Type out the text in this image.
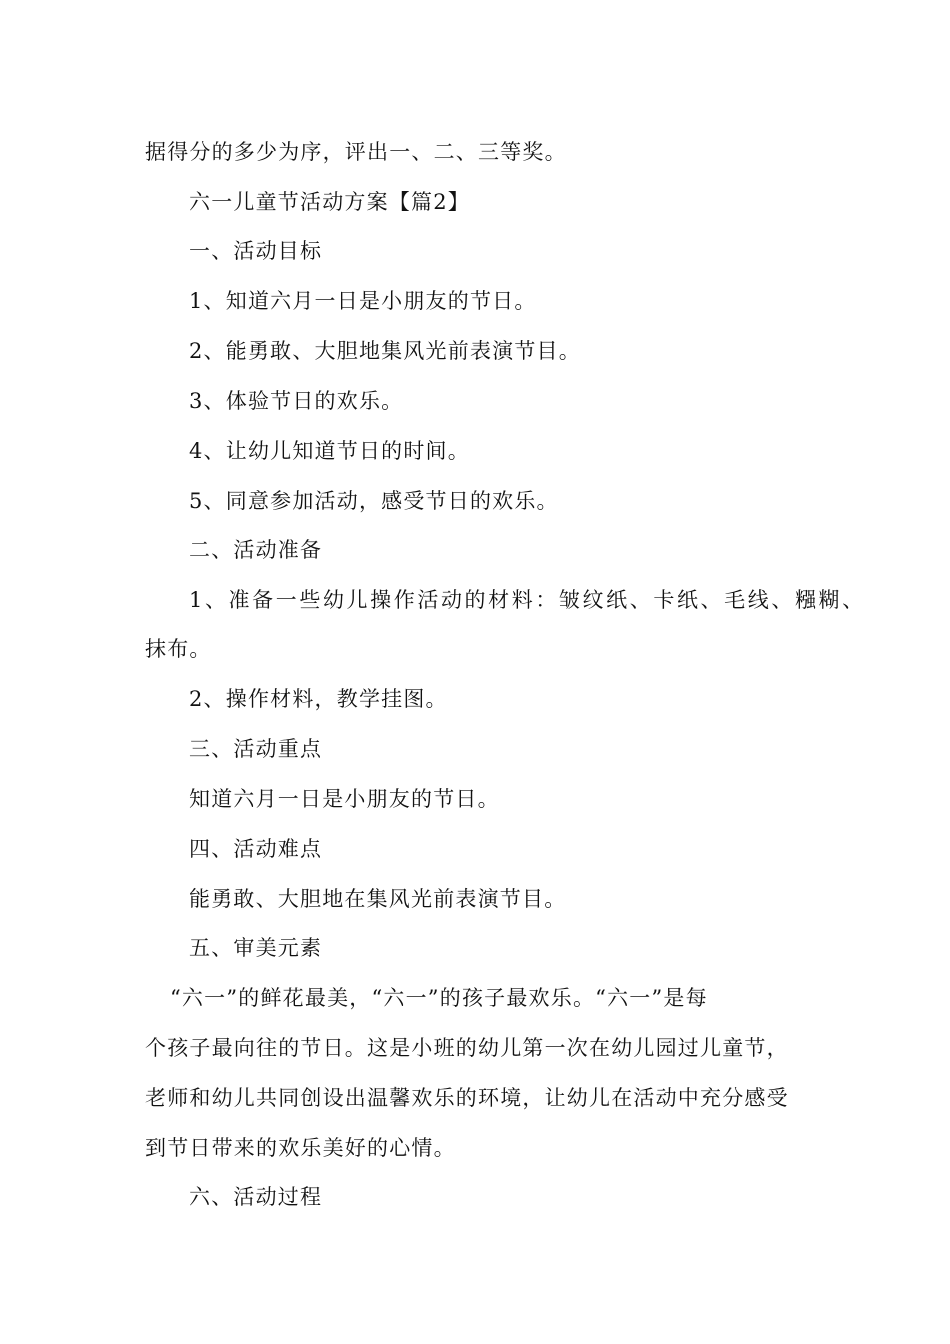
据得分的多少为序，评出一、二、三等奖。
六一儿童节活动方案【篇2】
一、活动目标
1、知道六月一日是小朋友的节日。
2、能勇敢、大胆地集风光前表演节目。
3、体验节日的欢乐。
4、让幼儿知道节日的时间。
5、同意参加活动，感受节日的欢乐。
二、活动准备
1、准备一些幼儿操作活动的材料：皱纹纸、卡纸、毛线、糨糊、
抹布。
2、操作材料，教学挂图。
三、活动重点
知道六月一日是小朋友的节日。
四、活动难点
能勇敢、大胆地在集风光前表演节目。
五、审美元素
“六一”的鲜花最美，“六一”的孩子最欢乐。“六一”是每
个孩子最向往的节日。这是小班的幼儿第一次在幼儿园过儿童节，
老师和幼儿共同创设出温馨欢乐的环境，让幼儿在活动中充分感受
到节日带来的欢乐美好的心情。
六、活动过程
